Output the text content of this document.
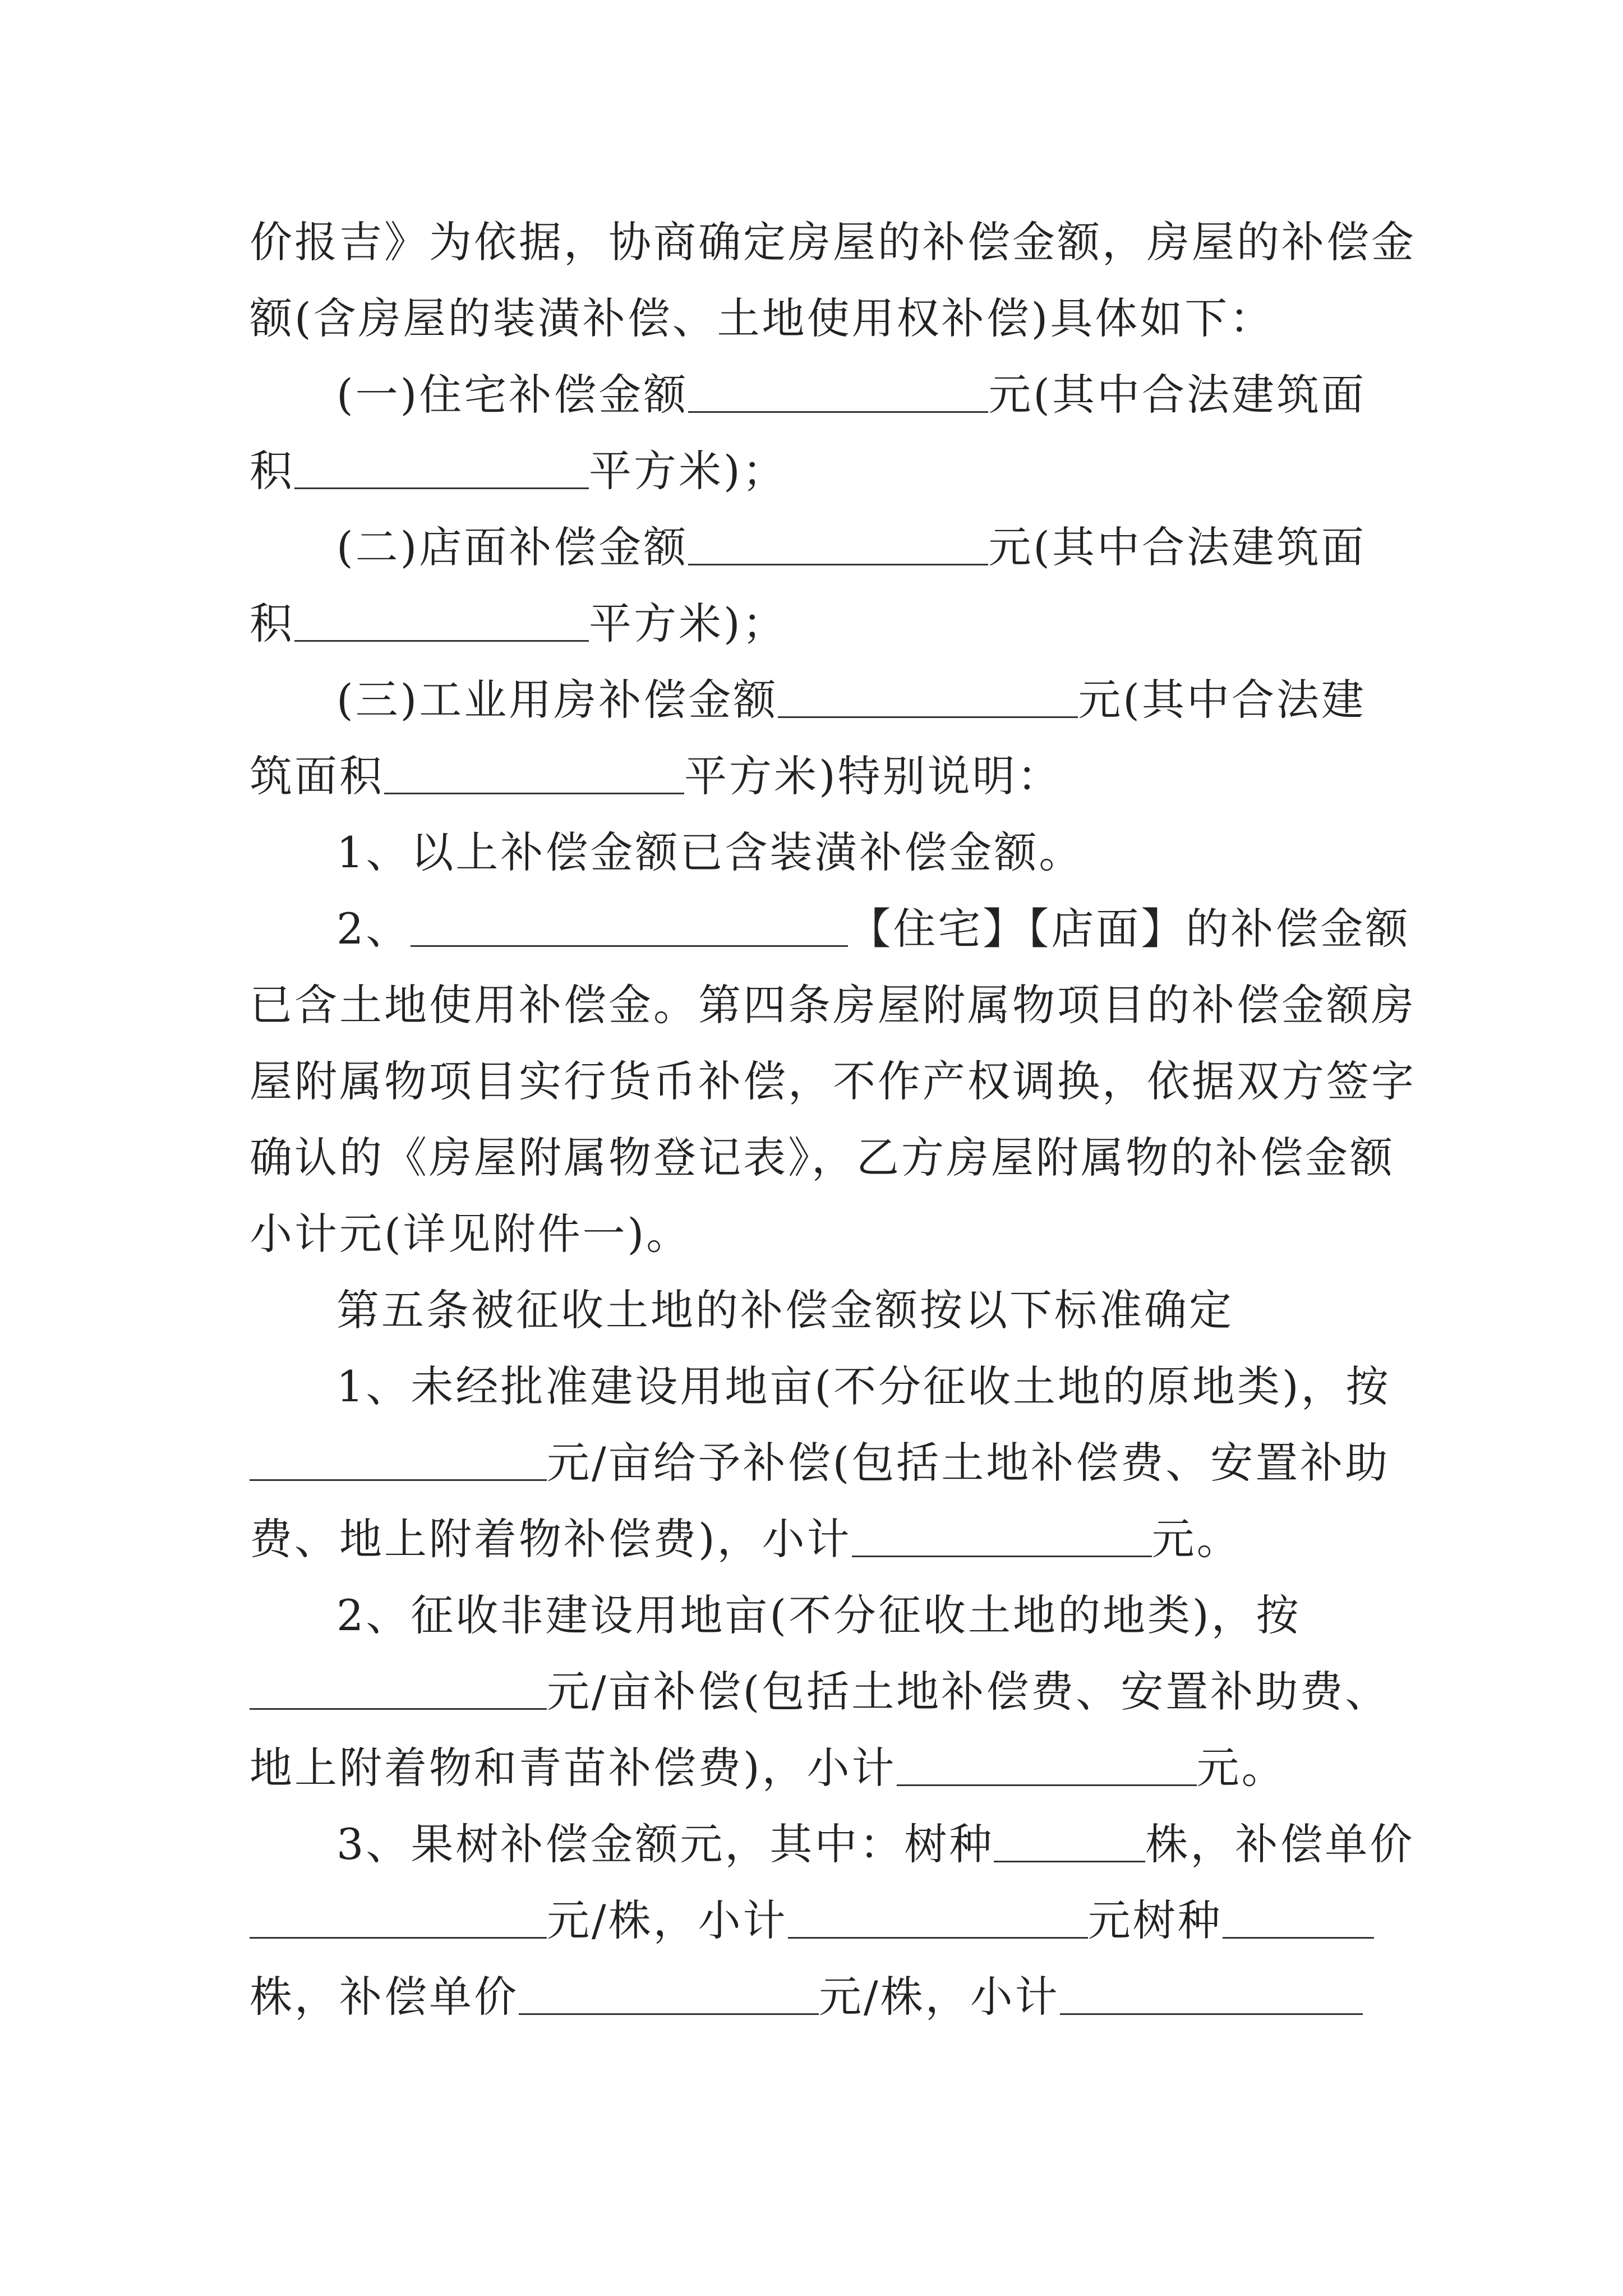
价报吉》为依据，协商确定房屋的补偿金额，房屋的补偿金
额(含房屋的装潢补偿、土地使用权补偿)具体如下：
(一)住宅补偿金额	元(其中合法建筑面
积	平方米)；
(二)店面补偿金额	元(其中合法建筑面
积	平方米)；
(三)工业用房补偿金额	元(其中合法建
筑面积	平方米)特别说明：
1、以上补偿金额已含装潢补偿金额。
2、	【住宅】【店面】的补偿金额
已含土地使用补偿金。第四条房屋附属物项目的补偿金额房
屋附属物项目实行货币补偿，不作产权调换，依据双方签字
确认的《房屋附属物登记表》，乙方房屋附属物的补偿金额
小计元(详见附件一)。
第五条被征收土地的补偿金额按以下标准确定
1、未经批准建设用地亩(不分征收土地的原地类)，按
元/亩给予补偿(包括土地补偿费、安置补助
费、地上附着物补偿费)，小计	元。
2、征收非建设用地亩(不分征收土地的地类)，按
元/亩补偿(包括土地补偿费、安置补助费、
地上附着物和青苗补偿费)，小计	元。
3、果树补偿金额元，其中：树种	株，补偿单价
元/株，小计	元树种
株，补偿单价	元/株，小计
